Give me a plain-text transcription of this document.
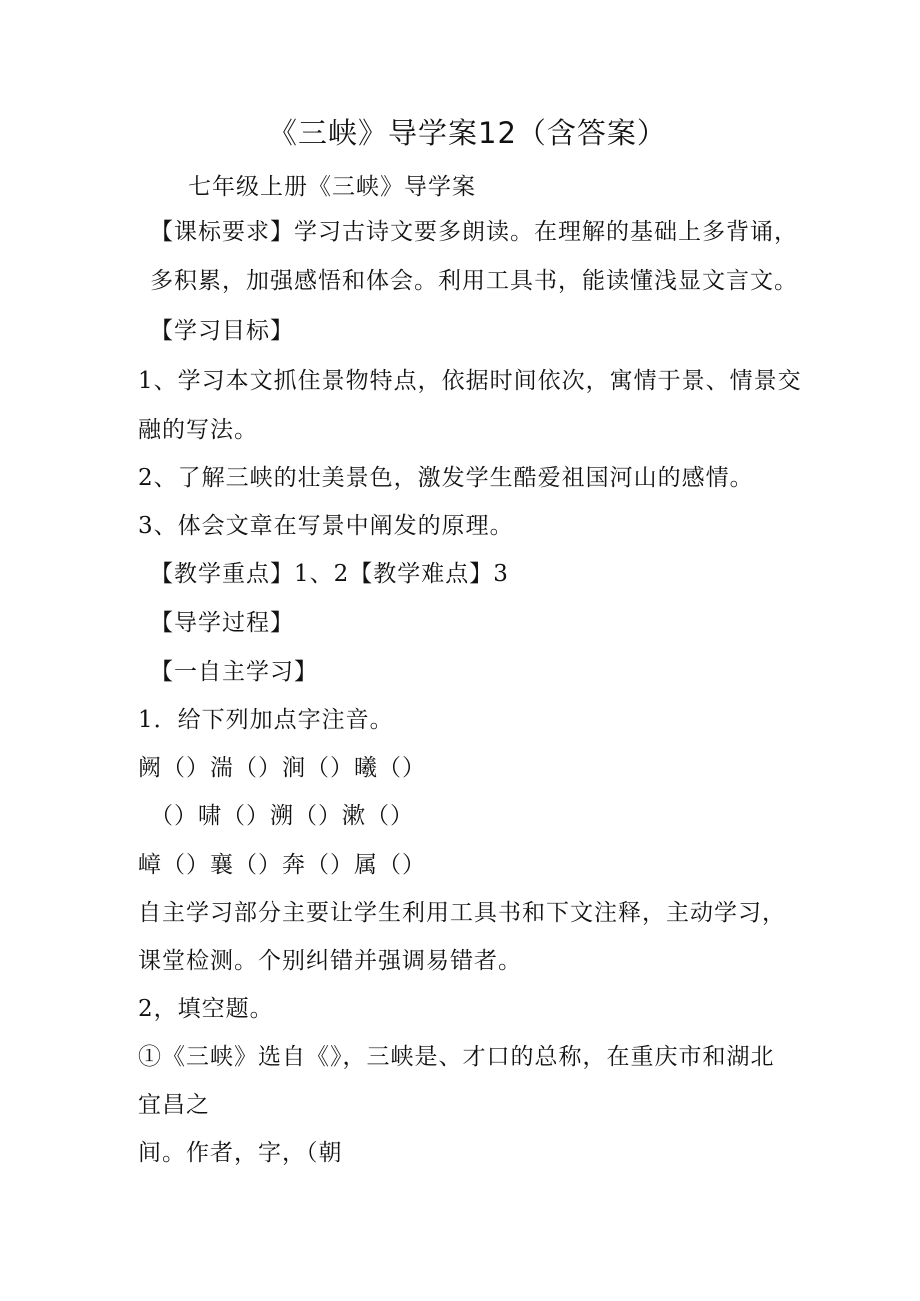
《三峡》导学案12（含答案）
七年级上册《三峡》导学案
【课标要求】学习古诗文要多朗读。在理解的基础上多背诵，
多积累，加强感悟和体会。利用工具书，能读懂浅显文言文。
【学习目标】
1、学习本文抓住景物特点，依据时间依次，寓情于景、情景交
融的写法。
2、了解三峡的壮美景色，激发学生酷爱祖国河山的感情。
3、体会文章在写景中阐发的原理。
【教学重点】1、2【教学难点】3
【导学过程】
【一自主学习】
1．给下列加点字注音。
阙（）湍（）涧（）曦（）
（）啸（）溯（）漱（）
嶂（）襄（）奔（）属（）
自主学习部分主要让学生利用工具书和下文注释，主动学习，
课堂检测。个别纠错并强调易错者。
2，填空题。
①《三峡》选自《》，三峡是、才口的总称，在重庆市和湖北
宜昌之
间。作者，字，（朝
